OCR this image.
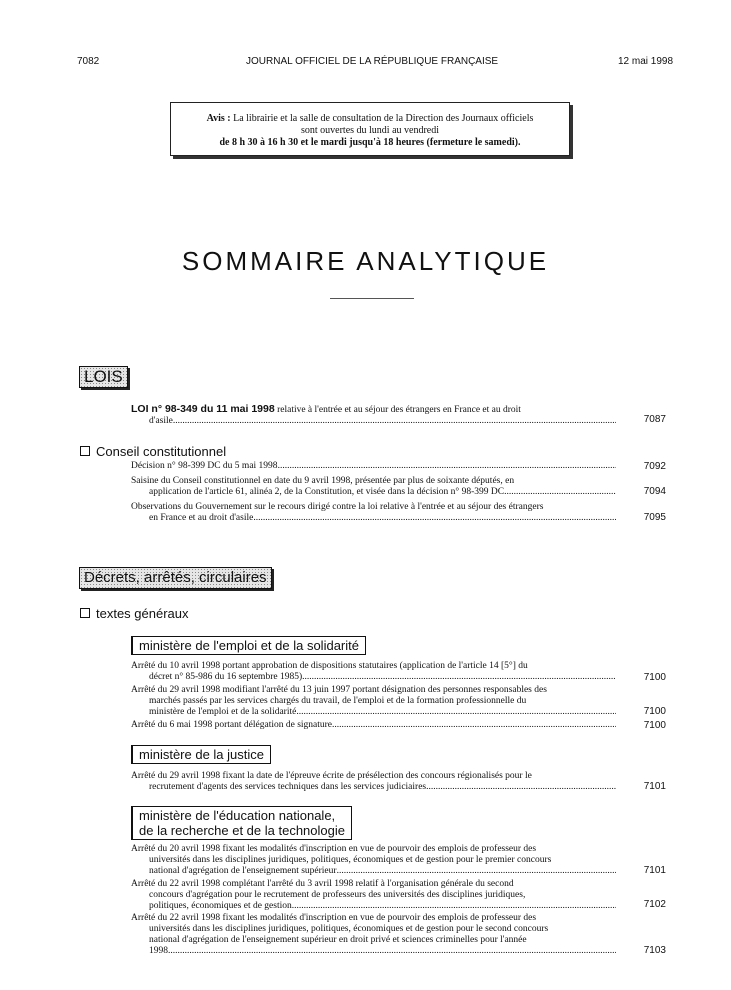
7082	JOURNAL OFFICIEL DE LA RÉPUBLIQUE FRANÇAISE	12 mai 1998
Avis : La librairie et la salle de consultation de la Direction des Journaux officiels
sont ouvertes du lundi au vendredi
de 8 h 30 à 16 h 30 et le mardi jusqu'à 18 heures (fermeture le samedi).
SOMMAIRE ANALYTIQUE
LOIS
LOI n° 98-349 du 11 mai 1998 relative à l'entrée et au séjour des étrangers en France et au droit
d'asile .....	7087
Conseil constitutionnel
Décision n° 98-399 DC du 5 mai 1998 .....	7092
Saisine du Conseil constitutionnel en date du 9 avril 1998, présentée par plus de soixante députés, en
application de l'article 61, alinéa 2, de la Constitution, et visée dans la décision n° 98-399 DC .....	7094
Observations du Gouvernement sur le recours dirigé contre la loi relative à l'entrée et au séjour des étrangers
en France et au droit d'asile .....	7095
Décrets, arrêtés, circulaires
textes généraux
ministère de l'emploi et de la solidarité
Arrêté du 10 avril 1998 portant approbation de dispositions statutaires (application de l'article 14 [5°] du
décret n° 85-986 du 16 septembre 1985) .....	7100
Arrêté du 29 avril 1998 modifiant l'arrêté du 13 juin 1997 portant désignation des personnes responsables des
marchés passés par les services chargés du travail, de l'emploi et de la formation professionnelle du
ministère de l'emploi et de la solidarité .....	7100
Arrêté du 6 mai 1998 portant délégation de signature .....	7100
ministère de la justice
Arrêté du 29 avril 1998 fixant la date de l'épreuve écrite de présélection des concours régionalisés pour le
recrutement d'agents des services techniques dans les services judiciaires .....	7101
ministère de l'éducation nationale,
de la recherche et de la technologie
Arrêté du 20 avril 1998 fixant les modalités d'inscription en vue de pourvoir des emplois de professeur des
universités dans les disciplines juridiques, politiques, économiques et de gestion pour le premier concours
national d'agrégation de l'enseignement supérieur .....	7101
Arrêté du 22 avril 1998 complétant l'arrêté du 3 avril 1998 relatif à l'organisation générale du second
concours d'agrégation pour le recrutement de professeurs des universités des disciplines juridiques,
politiques, économiques et de gestion .....	7102
Arrêté du 22 avril 1998 fixant les modalités d'inscription en vue de pourvoir des emplois de professeur des
universités dans les disciplines juridiques, politiques, économiques et de gestion pour le second concours
national d'agrégation de l'enseignement supérieur en droit privé et sciences criminelles pour l'année
1998 .....	7103
